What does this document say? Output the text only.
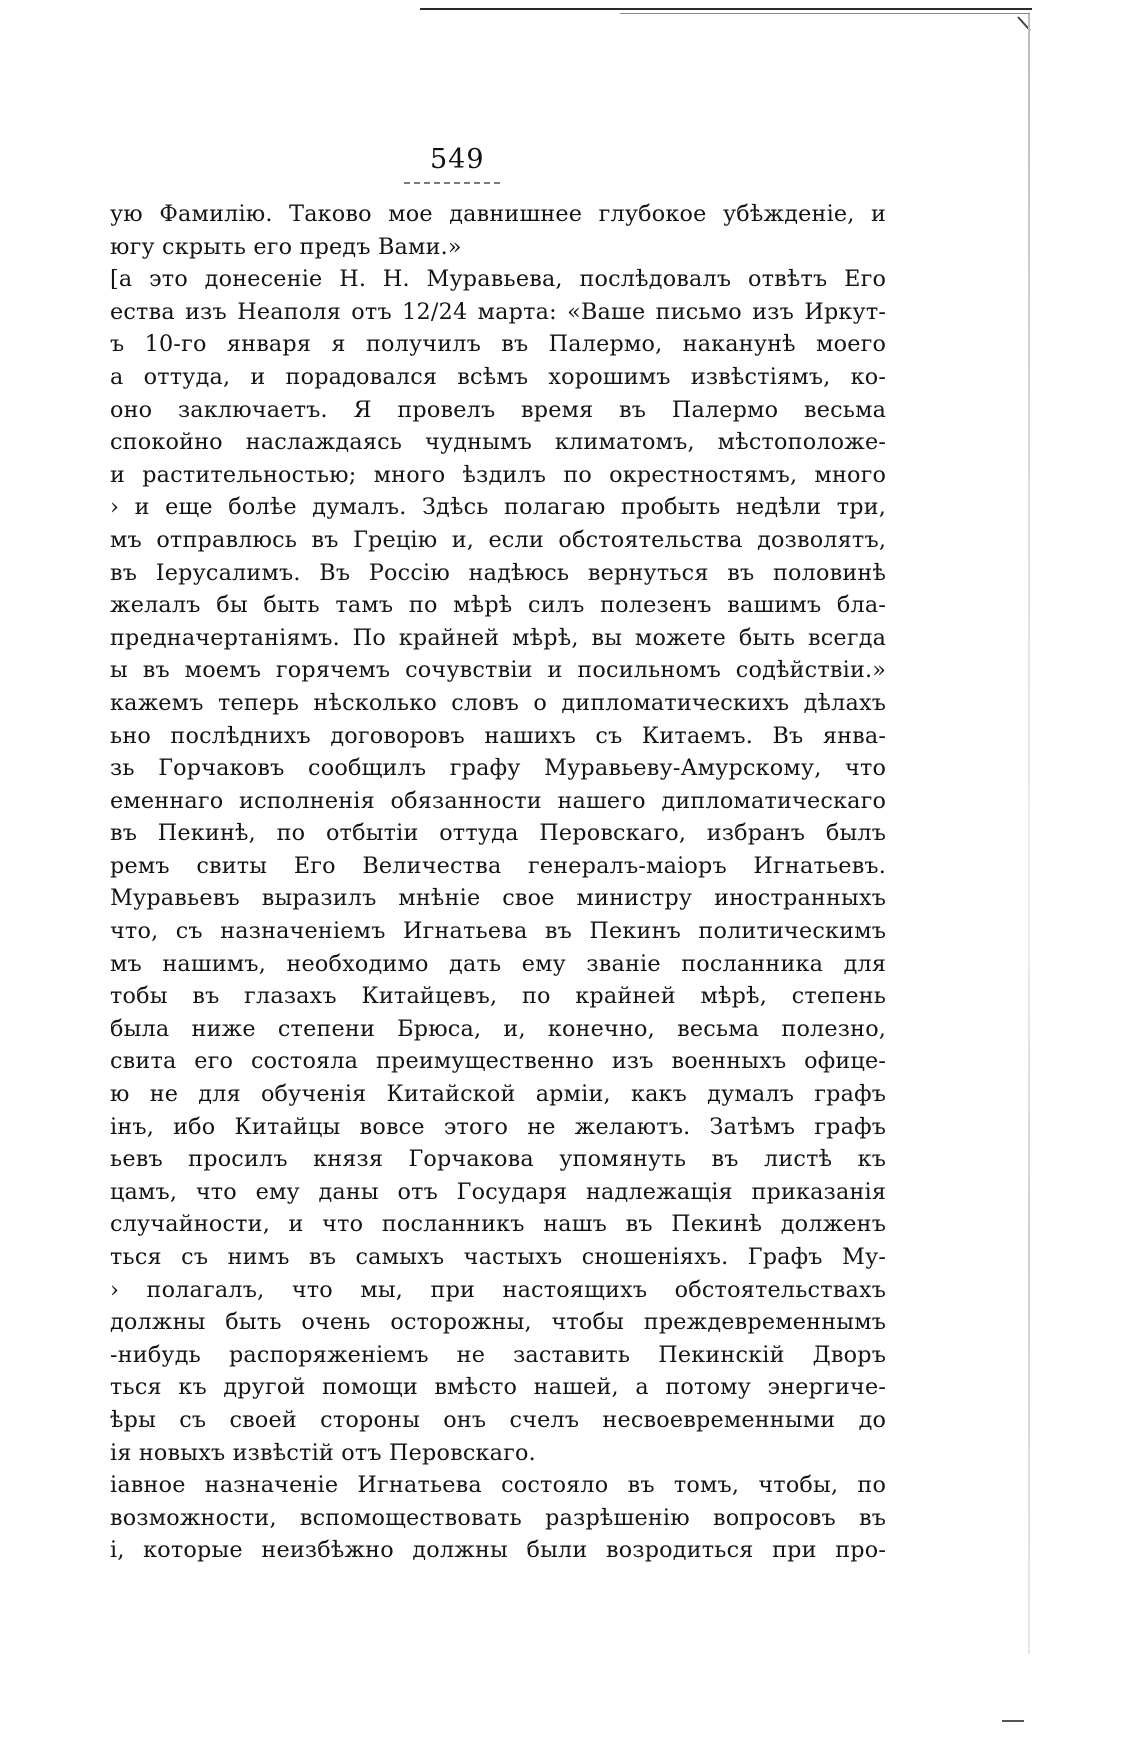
549
ую Фамилію. Таково мое давнишнее глубокое убѣжденіе, и
югу скрыть его предъ Вами.»
[а это донесеніе Н. Н. Муравьева, послѣдовалъ отвѣтъ Его
ества изъ Неаполя отъ 12/24 марта: «Ваше письмо изъ Иркут-
ъ 10-го января я получилъ въ Палермо, наканунѣ моего
а оттуда, и порадовался всѣмъ хорошимъ извѣстіямъ, ко-
оно заключаетъ. Я провелъ время въ Палермо весьма
спокойно наслаждаясь чуднымъ климатомъ, мѣстоположе-
и растительностью; много ѣздилъ по окрестностямъ, много
› и еще болѣе думалъ. Здѣсь полагаю пробыть недѣли три,
мъ отправлюсь въ Грецію и, если обстоятельства дозволятъ,
въ Іерусалимъ. Въ Россію надѣюсь вернуться въ половинѣ
желалъ бы быть тамъ по мѣрѣ силъ полезенъ вашимъ бла-
предначертаніямъ. По крайней мѣрѣ, вы можете быть всегда
ы въ моемъ горячемъ сочувствіи и посильномъ содѣйствіи.»
кажемъ теперь нѣсколько словъ о дипломатическихъ дѣлахъ
ьно послѣднихъ договоровъ нашихъ съ Китаемъ. Въ янва-
зь Горчаковъ сообщилъ графу Муравьеву-Амурскому, что
еменнаго исполненія обязанности нашего дипломатическаго
въ Пекинѣ, по отбытіи оттуда Перовскаго, избранъ былъ
ремъ свиты Его Величества генералъ-маіоръ Игнатьевъ.
Муравьевъ выразилъ мнѣніе свое министру иностранныхъ
что, съ назначеніемъ Игнатьева въ Пекинъ политическимъ
мъ нашимъ, необходимо дать ему званіе посланника для
тобы въ глазахъ Китайцевъ, по крайней мѣрѣ, степень
была ниже степени Брюса, и, конечно, весьма полезно,
свита его состояла преимущественно изъ военныхъ офице-
ю не для обученія Китайской арміи, какъ думалъ графъ
інъ, ибо Китайцы вовсе этого не желаютъ. Затѣмъ графъ
ьевъ просилъ князя Горчакова упомянуть въ листѣ къ
цамъ, что ему даны отъ Государя надлежащія приказанія
случайности, и что посланникъ нашъ въ Пекинѣ долженъ
ться съ нимъ въ самыхъ частыхъ сношеніяхъ. Графъ Му-
› полагалъ, что мы, при настоящихъ обстоятельствахъ
должны быть очень осторожны, чтобы преждевременнымъ
-нибудь распоряженіемъ не заставить Пекинскій Дворъ
ться къ другой помощи вмѣсто нашей, а потому энергиче-
ѣры съ своей стороны онъ счелъ несвоевременными до
ія новыхъ извѣстій отъ Перовскаго.
іавное назначеніе Игнатьева состояло въ томъ, чтобы, по
возможности, вспомоществовать разрѣшенію вопросовъ въ
і, которые неизбѣжно должны были возродиться при про-
